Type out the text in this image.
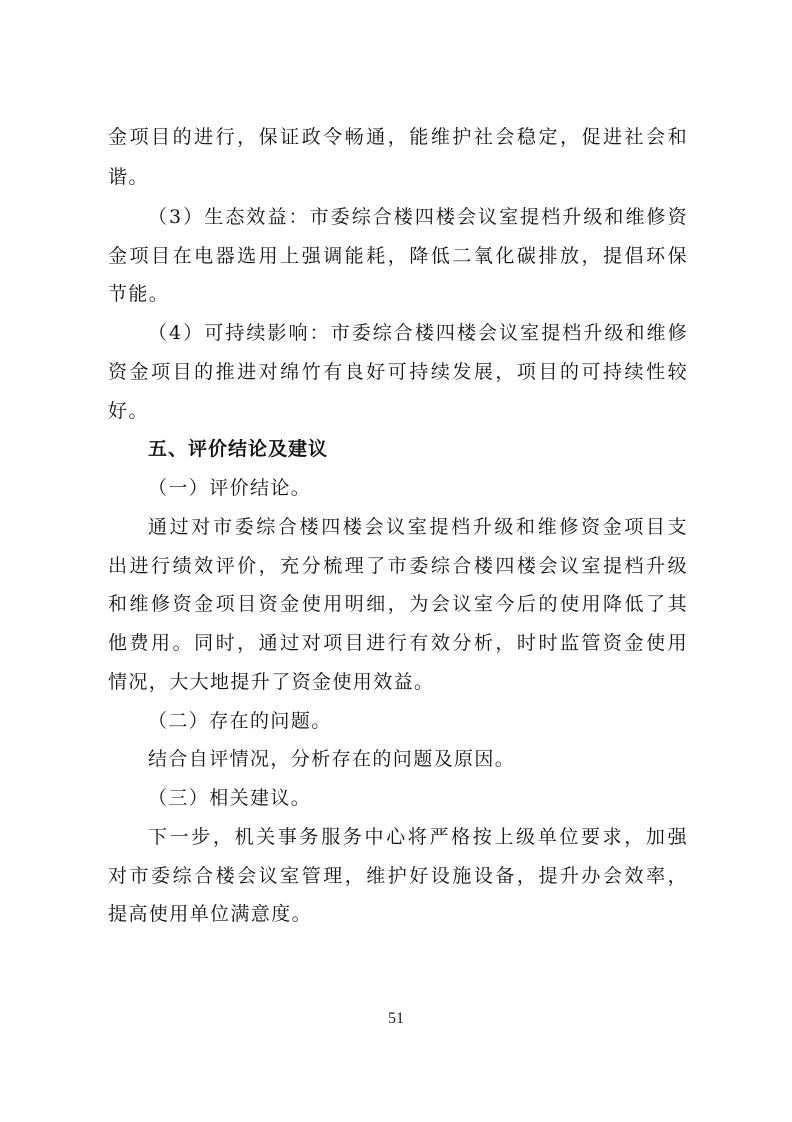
金项目的进行，保证政令畅通，能维护社会稳定，促进社会和
谐。
（3）生态效益：市委综合楼四楼会议室提档升级和维修资
金项目在电器选用上强调能耗，降低二氧化碳排放，提倡环保
节能。
（4）可持续影响：市委综合楼四楼会议室提档升级和维修
资金项目的推进对绵竹有良好可持续发展，项目的可持续性较
好。
五、评价结论及建议
（一）评价结论。
通过对市委综合楼四楼会议室提档升级和维修资金项目支
出进行绩效评价，充分梳理了市委综合楼四楼会议室提档升级
和维修资金项目资金使用明细，为会议室今后的使用降低了其
他费用。同时，通过对项目进行有效分析，时时监管资金使用
情况，大大地提升了资金使用效益。
（二）存在的问题。
结合自评情况，分析存在的问题及原因。
（三）相关建议。
下一步，机关事务服务中心将严格按上级单位要求，加强
对市委综合楼会议室管理，维护好设施设备，提升办会效率，
提高使用单位满意度。
51
